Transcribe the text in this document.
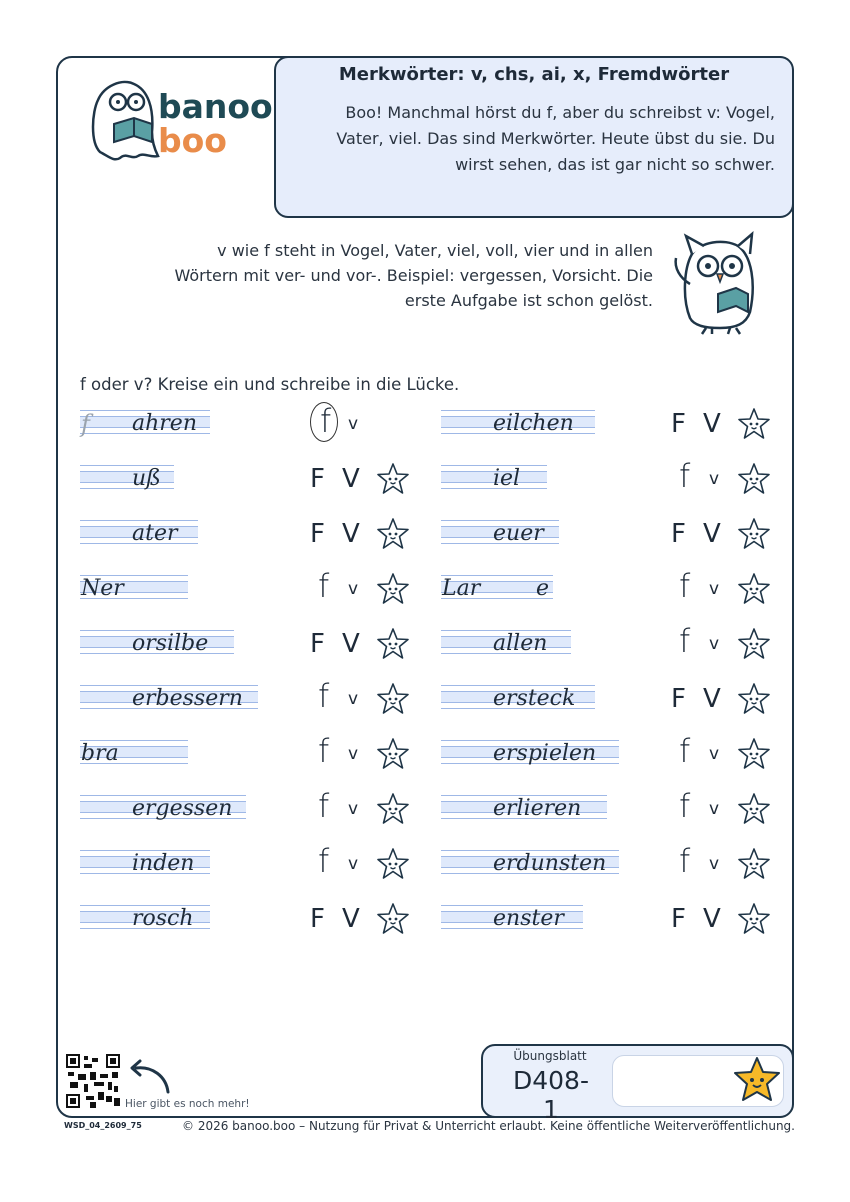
banoo
boo
Merkwörter: v, chs, ai, x, Fremdwörter
Boo! Manchmal hörst du f, aber du schreibst v: Vogel, Vater, viel. Das sind Merkwörter. Heute übst du sie. Du wirst sehen, das ist gar nicht so schwer.
v wie f steht in Vogel, Vater, viel, voll, vier und in allen Wörtern mit ver- und vor-. Beispiel: vergessen, Vorsicht. Die erste Aufgabe ist schon gelöst.
f oder v? Kreise ein und schreibe in die Lücke.
f ahren	f v
uß	F V
ater	F V
Ner	f v
orsilbe	F V
erbessern f v
bra	f v
ergessen	f v
inden	f v
rosch	F V
eilchen	F V
iel	f v
euer	F V
Lar	e	f v
allen	f v
ersteck	F V
erspielen	f v
erlieren	f v
erdunsten f v
enster	F V
Hier gibt es noch mehr!
Übungsblatt
D408-1
WSD_04_2609_75	© 2026 banoo.boo – Nutzung für Privat & Unterricht erlaubt. Keine öffentliche Weiterveröffentlichung.
